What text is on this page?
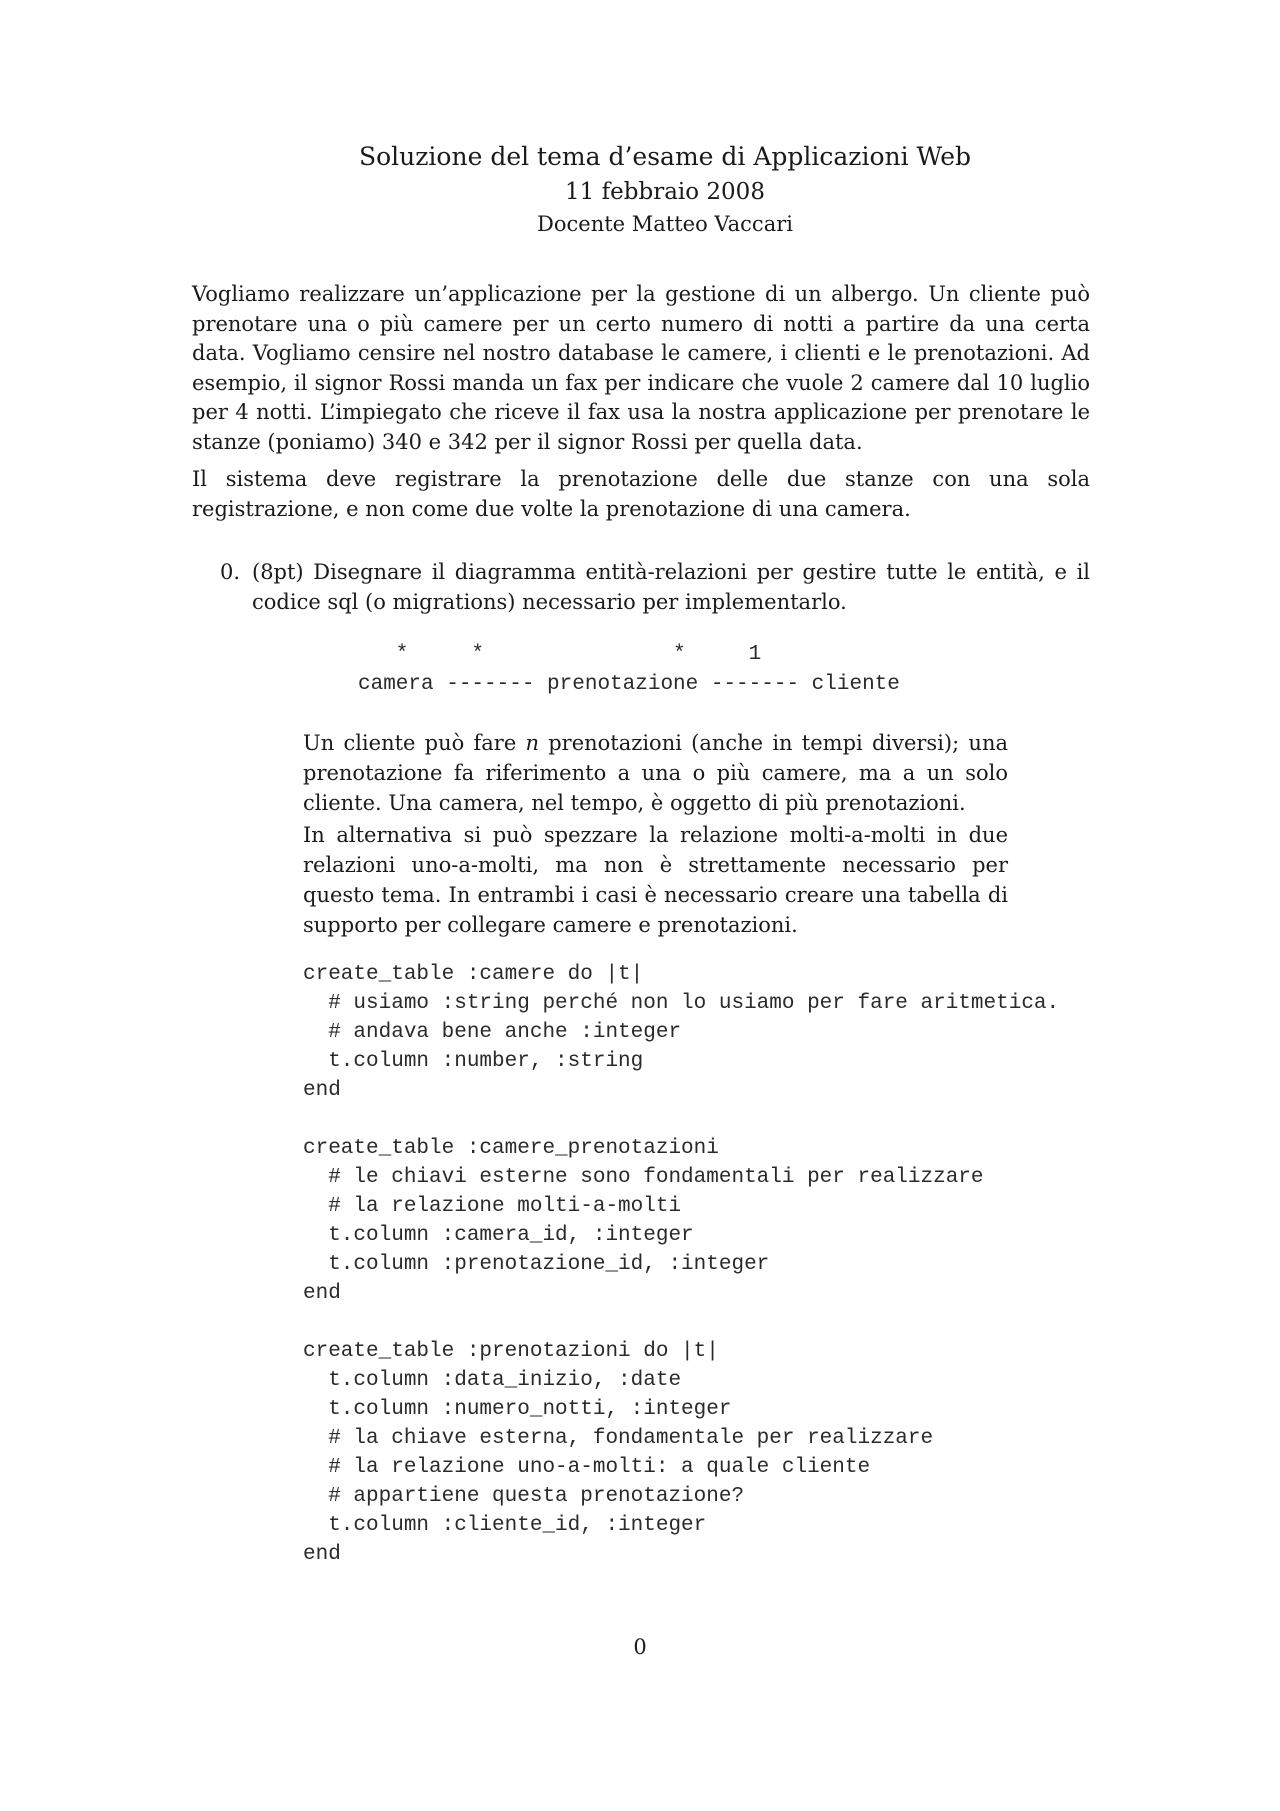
Soluzione del tema d’esame di Applicazioni Web
11 febbraio 2008
Docente Matteo Vaccari

Vogliamo realizzare un’applicazione per la gestione di un albergo. Un cliente può prenotare una o più camere per un certo numero di notti a partire da una certa data. Vogliamo censire nel nostro database le camere, i clienti e le prenotazioni. Ad esempio, il signor Rossi manda un fax per indicare che vuole 2 camere dal 10 luglio per 4 notti. L’impiegato che riceve il fax usa la nostra applicazione per prenotare le stanze (poniamo) 340 e 342 per il signor Rossi per quella data.

Il sistema deve registrare la prenotazione delle due stanze con una sola registrazione, e non come due volte la prenotazione di una camera.

0. (8pt) Disegnare il diagramma entità-relazioni per gestire tutte le entità, e il codice sql (o migrations) necessario per implementarlo.
*     *               *     1
camera ------- prenotazione ------- cliente

Un cliente può fare n prenotazioni (anche in tempi diversi); una prenotazione fa riferimento a una o più camere, ma a un solo cliente. Una camera, nel tempo, è oggetto di più prenotazioni.

In alternativa si può spezzare la relazione molti-a-molti in due relazioni uno-a-molti, ma non è strettamente necessario per questo tema. In entrambi i casi è necessario creare una tabella di supporto per collegare camere e prenotazioni.

create_table :camere do |t|
# usiamo :string perché non lo usiamo per fare aritmetica.
# andava bene anche :integer
t.column :number, :string
end

create_table :camere_prenotazioni
# le chiavi esterne sono fondamentali per realizzare
# la relazione molti-a-molti
t.column :camera_id, :integer
t.column :prenotazione_id, :integer
end

create_table :prenotazioni do |t|
t.column :data_inizio, :date
t.column :numero_notti, :integer
# la chiave esterna, fondamentale per realizzare
# la relazione uno-a-molti: a quale cliente
# appartiene questa prenotazione?
t.column :cliente_id, :integer
end
0
